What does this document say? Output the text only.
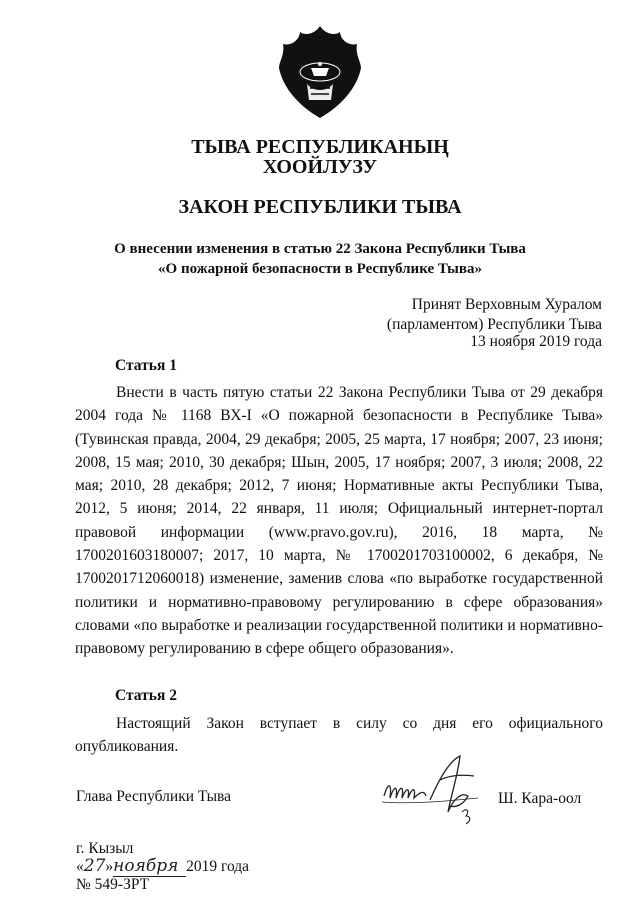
ТЫВА РЕСПУБЛИКАНЫҢ
ХООЙЛУЗУ
ЗАКОН РЕСПУБЛИКИ ТЫВА
О внесении изменения в статью 22 Закона Республики Тыва
«О пожарной безопасности в Республике Тыва»
Принят Верховным Хуралом
(парламентом) Республики Тыва
13 ноября 2019 года
Статья 1

Внести в часть пятую статьи 22 Закона Республики Тыва от 29 декабря 2004 года № 1168 ВХ-I «О пожарной безопасности в Республике Тыва» (Тувинская правда, 2004, 29 декабря; 2005, 25 марта, 17 ноября; 2007, 23 июня; 2008, 15 мая; 2010, 30 декабря; Шын, 2005, 17 ноября; 2007, 3 июля; 2008, 22 мая; 2010, 28 декабря; 2012, 7 июня; Нормативные акты Республики Тыва, 2012, 5 июня; 2014, 22 января, 11 июля; Официальный интернет-портал правовой информации (www.pravo.gov.ru), 2016, 18 марта, № 1700201603180007; 2017, 10 марта, № 1700201703100002, 6 декабря, № 1700201712060018) изменение, заменив слова «по выработке государственной политики и нормативно-правовому регулированию в сфере образования» словами «по выработке и реализации государственной политики и нормативно-правовому регулированию в сфере общего образования».

Статья 2

Настоящий Закон вступает в силу со дня его официального опубликования.

Глава Республики Тыва	Ш. Кара-оол
г. Кызыл
«27»ноября 2019 года
№ 549-ЗРТ
